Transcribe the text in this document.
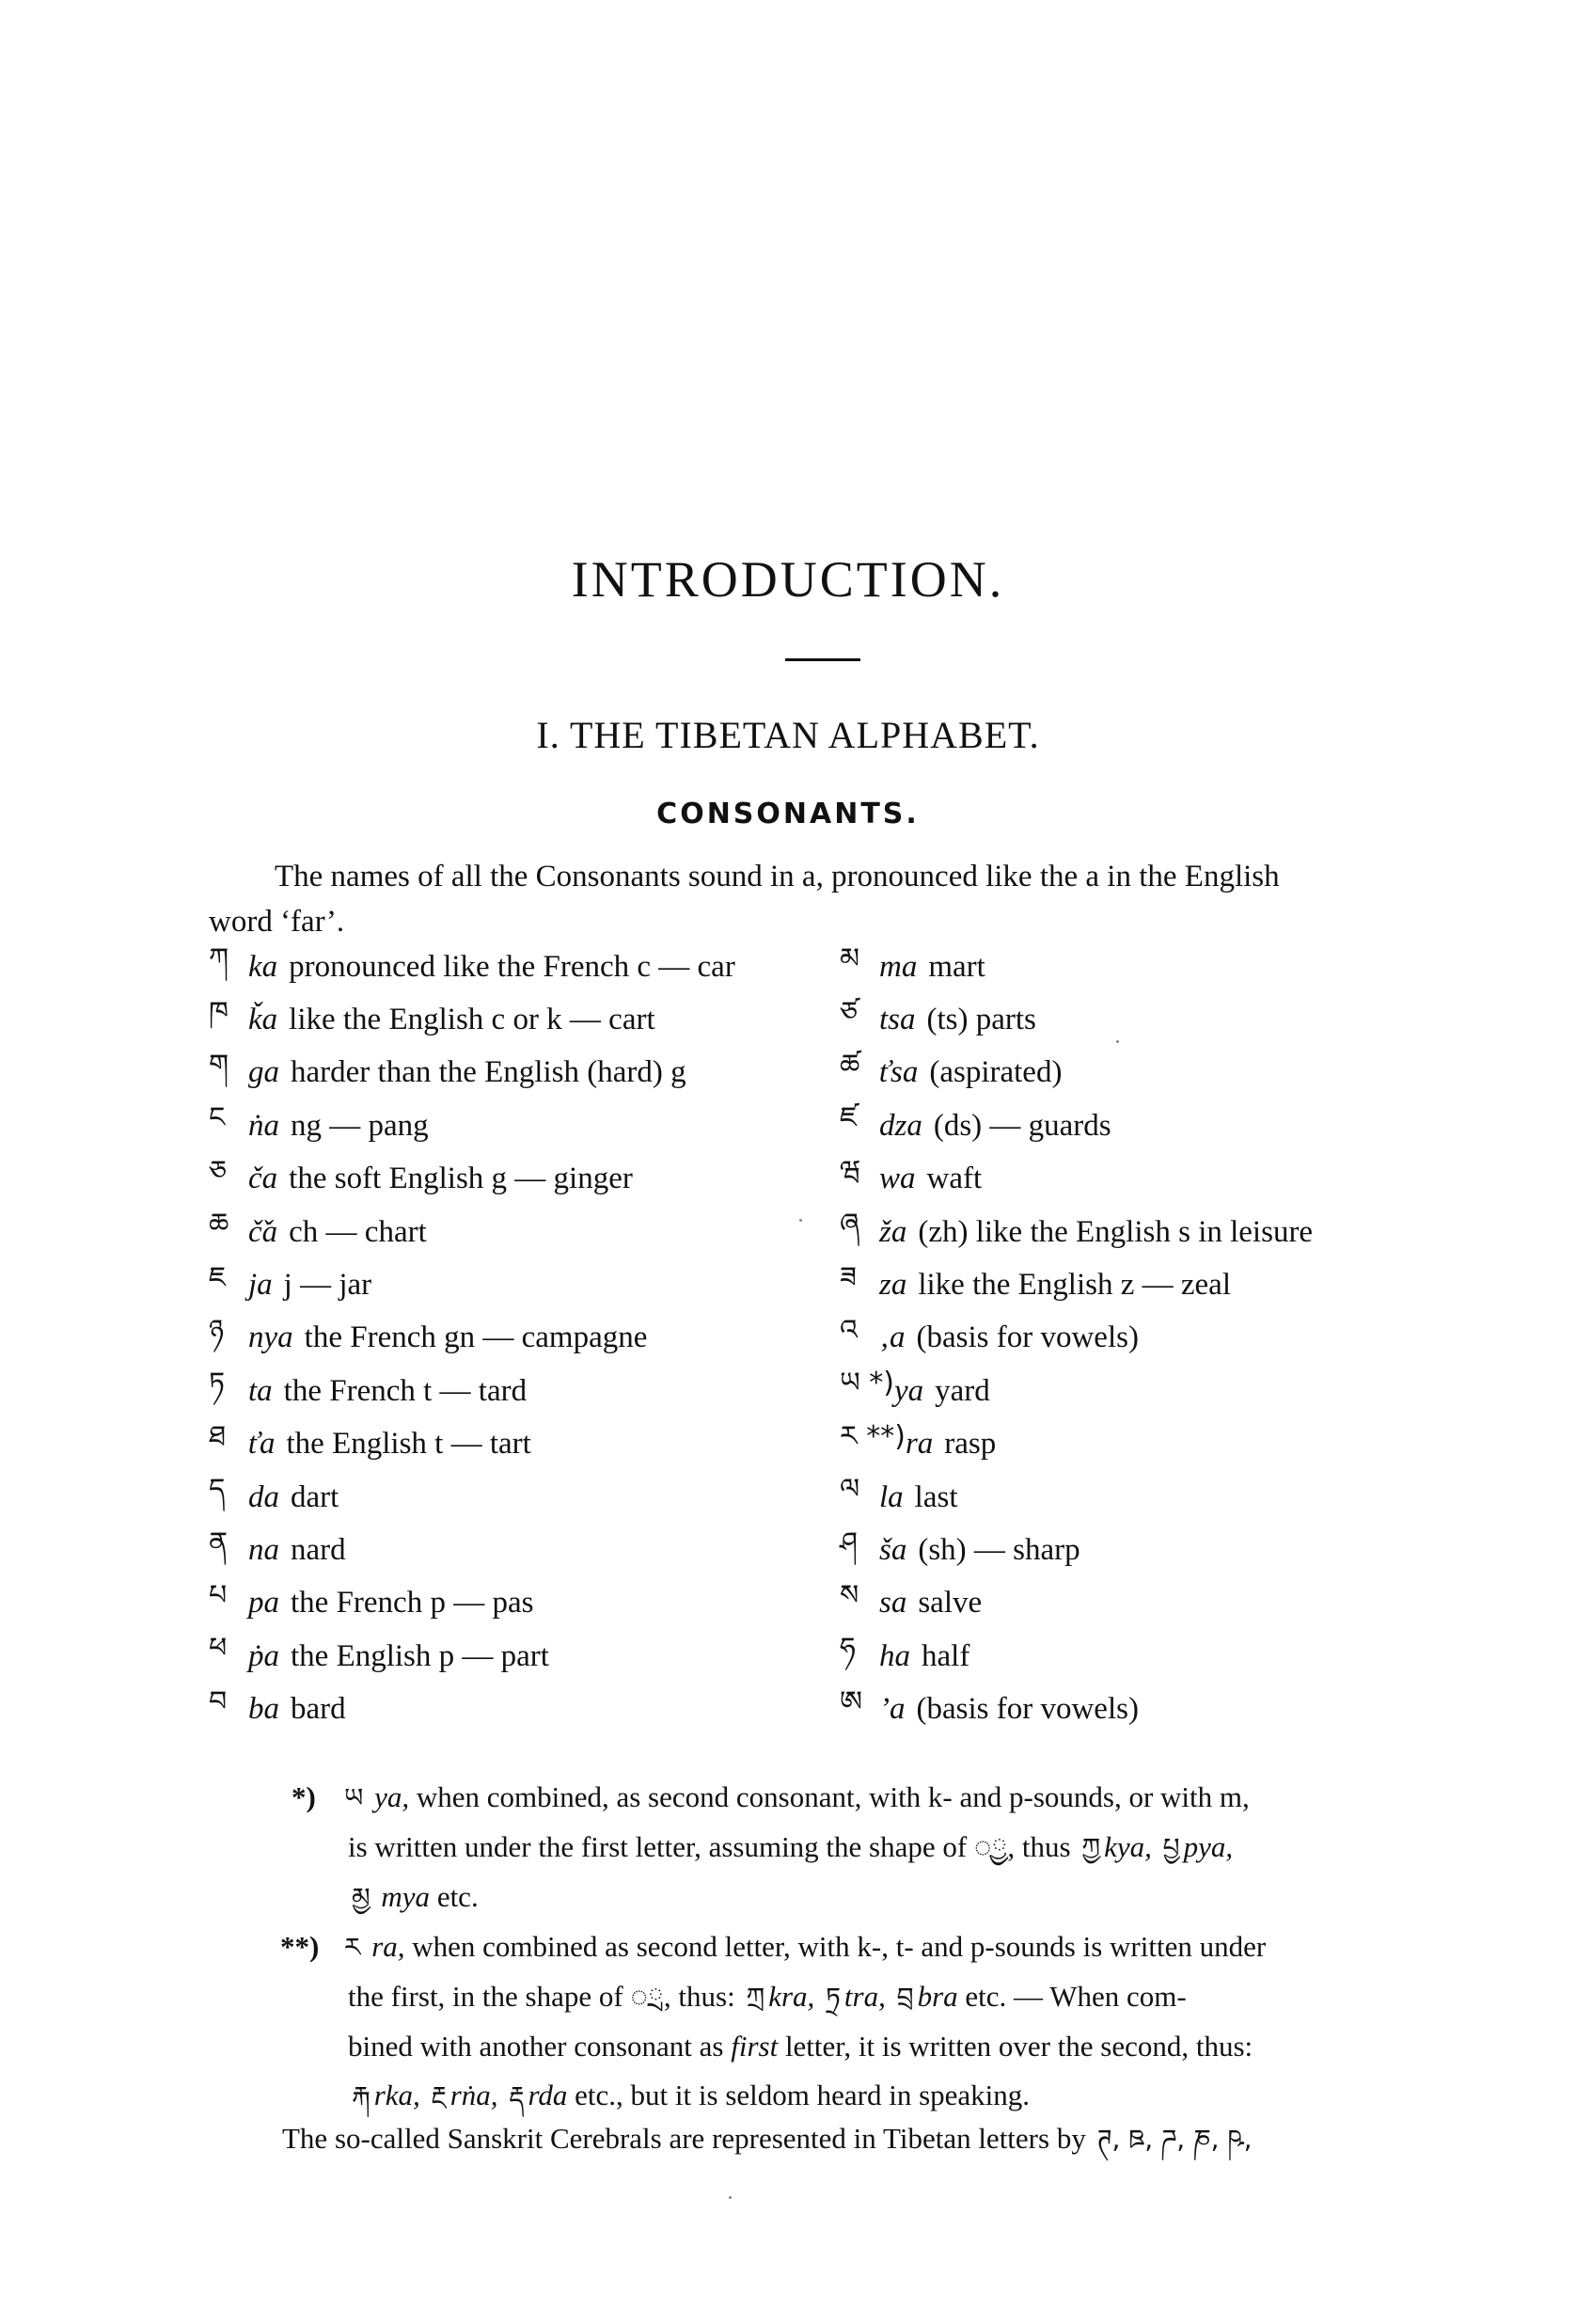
INTRODUCTION.
I. THE TIBETAN ALPHABET.
CONSONANTS.
The names of all the Consonants sound in a, pronounced like the a in the English
word ‘far’.
ཀ ka pronounced like the French c — car
ཁ ǩa like the English c or k — cart
ག ga harder than the English (hard) g
ང ṅa ng — pang
ཅ ča the soft English g — ginger
ཆ č̌a ch — chart
ཇ ja j — jar
ཉ nya the French gn — campagne
ཏ ta the French t — tard
ཐ ťa the English t — tart
ད da dart
ན na nard
པ pa the French p — pas
ཕ ṗa the English p — part
བ ba bard
མ ma mart
ཙ tsa (ts) parts
ཚ ťsa (aspirated)
ཛ dza (ds) — guards
ཝ wa waft
ཞ ža (zh) like the English s in leisure
ཟ za like the English z — zeal
འ ‚a (basis for vowels)
ཡ *) ya yard
ར **) ra rasp
ལ la last
ཤ ša (sh) — sharp
ས sa salve
ཧ ha half
ཨ ’a (basis for vowels)
*) ཡ ya, when combined, as second consonant, with k- and p-sounds, or with m,
is written under the first letter, assuming the shape of ◌ྱ, thus ཀྱ kya, པྱ pya,
མྱ mya etc.
**) ར ra, when combined as second letter, with k-, t- and p-sounds is written under
the first, in the shape of ◌ྲ, thus: ཀྲ kra, ཏྲ tra, བྲ bra etc. — When com-
bined with another consonant as first letter, it is written over the second, thus:
རྐ rka, རྔ rṅa, རྡ rda etc., but it is seldom heard in speaking.
The so-called Sanskrit Cerebrals are represented in Tibetan letters by ཊ, ཋ, ཌ, ཎ, ཥ,
